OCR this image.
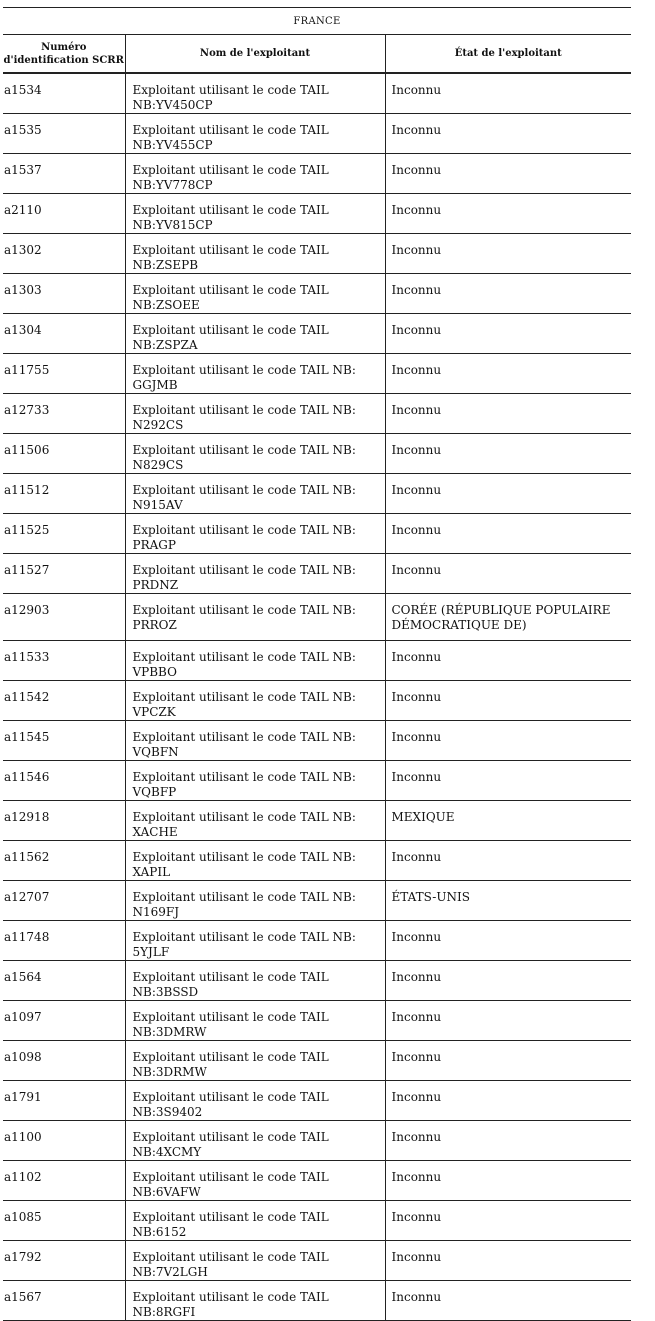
FRANCE		
Numéro
d'identification SCRR	Nom de l'exploitant	État de l'exploitant
a1534	Exploitant utilisant le code TAIL NB:YV450CP	Inconnu
a1535	Exploitant utilisant le code TAIL NB:YV455CP	Inconnu
a1537	Exploitant utilisant le code TAIL NB:YV778CP	Inconnu
a2110	Exploitant utilisant le code TAIL NB:YV815CP	Inconnu
a1302	Exploitant utilisant le code TAIL NB:ZSEPB	Inconnu
a1303	Exploitant utilisant le code TAIL NB:ZSOEE	Inconnu
a1304	Exploitant utilisant le code TAIL NB:ZSPZA	Inconnu
a11755	Exploitant utilisant le code TAIL NB: GGJMB	Inconnu
a12733	Exploitant utilisant le code TAIL NB: N292CS	Inconnu
a11506	Exploitant utilisant le code TAIL NB: N829CS	Inconnu
a11512	Exploitant utilisant le code TAIL NB: N915AV	Inconnu
a11525	Exploitant utilisant le code TAIL NB: PRAGP	Inconnu
a11527	Exploitant utilisant le code TAIL NB: PRDNZ	Inconnu
a12903	Exploitant utilisant le code TAIL NB: PRROZ	CORÉE (RÉPUBLIQUE POPULAIRE DÉMOCRATIQUE DE)
a11533	Exploitant utilisant le code TAIL NB: VPBBO	Inconnu
a11542	Exploitant utilisant le code TAIL NB: VPCZK	Inconnu
a11545	Exploitant utilisant le code TAIL NB: VQBFN	Inconnu
a11546	Exploitant utilisant le code TAIL NB: VQBFP	Inconnu
a12918	Exploitant utilisant le code TAIL NB: XACHE	MEXIQUE
a11562	Exploitant utilisant le code TAIL NB: XAPIL	Inconnu
a12707	Exploitant utilisant le code TAIL NB: N169FJ	ÉTATS-UNIS
a11748	Exploitant utilisant le code TAIL NB: 5YJLF	Inconnu
a1564	Exploitant utilisant le code TAIL NB:3BSSD	Inconnu
a1097	Exploitant utilisant le code TAIL NB:3DMRW	Inconnu
a1098	Exploitant utilisant le code TAIL NB:3DRMW	Inconnu
a1791	Exploitant utilisant le code TAIL NB:3S9402	Inconnu
a1100	Exploitant utilisant le code TAIL NB:4XCMY	Inconnu
a1102	Exploitant utilisant le code TAIL NB:6VAFW	Inconnu
a1085	Exploitant utilisant le code TAIL NB:6152	Inconnu
a1792	Exploitant utilisant le code TAIL NB:7V2LGH	Inconnu
a1567	Exploitant utilisant le code TAIL NB:8RGFI	Inconnu
